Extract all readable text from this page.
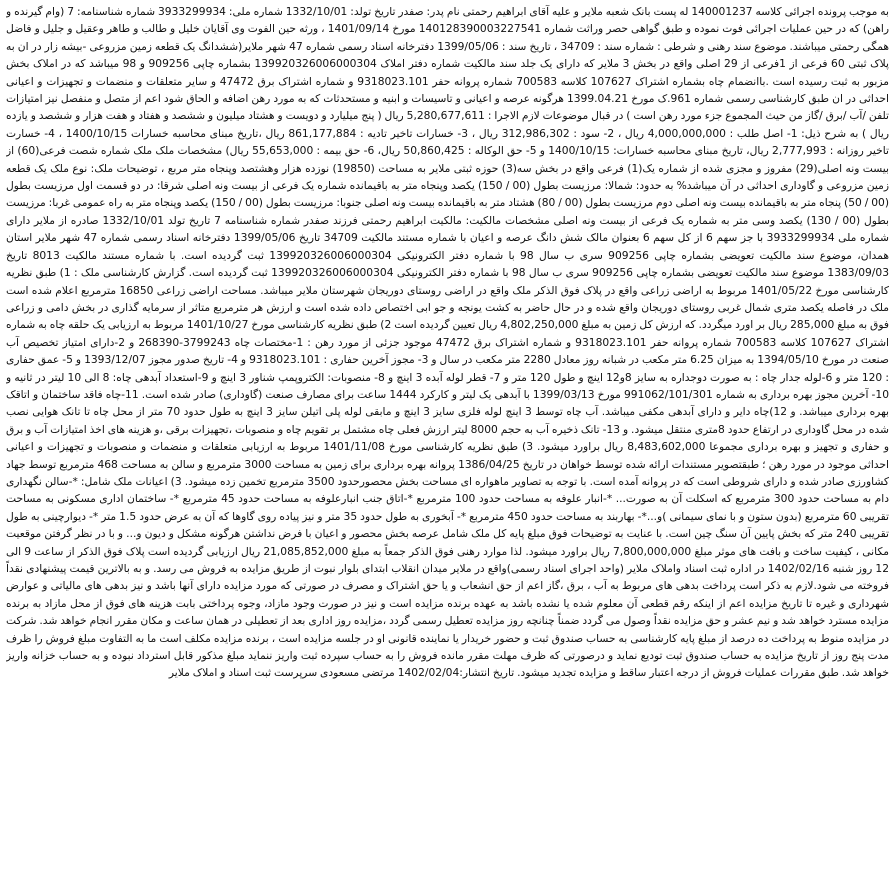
به موجب پرونده اجرائی کلاسه 140001237 له پست بانک شعبه ملایر و علیه آقای ابراهیم رحمتی نام پدر: صفدر تاریخ تولد: 1332/10/01 شماره ملی: 3933299934 شماره شناسنامه: 7 (وام گیرنده و راهن) که در حین عملیات اجرائی فوت نموده و طبق گواهی حصر وراثت شماره 140128390003227541 مورخ 1401/09/14 ، ورثه حین الفوت وی آقایان خلیل و طالب و طاهر وعقیل و جلیل و فاضل همگی رحمتی میباشند. موضوع سند رهنی و شرطی : شماره سند : 34709 ، تاریخ سند : 1399/05/06 دفترخانه اسناد رسمی شماره 47 شهر ملایر(ششدانگ یک قطعه زمین مزروعی -بیشه زار در ان به پلاک ثبتی 60 فرعی از 1فرعی از 29 اصلی واقع در بخش 3 ملایر که دارای یک جلد سند مالکیت شماره دفتر املاک 139920326006000304 بشماره چاپی 909256 و 98 میباشد که در املاک بخش مزبور به ثبت رسیده است .باانضمام چاه بشماره اشتراک 107627 کلاسه 700583 شماره پروانه حفر 9318023.101 و شماره اشتراک برق 47472 و سایر متعلقات و منضمات و تجهیزات و اعیانی احداثی در ان طبق کارشناسی رسمی شماره 961.ک مورخ 1399.04.21 هرگونه عرصه و اعیانی و تاسیسات و ابنیه و مستحدثات که به مورد رهن اضافه و الحاق شود اعم از متصل و منفصل نیز امتیازات تلفن /آب /برق /گاز من حیث المجموع جزء مورد رهن است ) در قبال موضوعات لازم الاجرا : 5,280,677,611 ریال ( پنج میلیارد و دویست و هشتاد میلیون و ششصد و هفتاد و هفت هزار و ششصد و یازده ریال ) به شرح ذیل: 1- اصل طلب : 4,000,000,000 ریال ، 2- سود : 312,986,302 ریال ، 3- خسارات تاخیر تادیه : 861,177,884 ریال ،تاریخ مبنای محاسبه خسارات 1400/10/15 ، 4- خسارت تاخیر روزانه : 2,777,993 ریال، تاریخ مبنای محاسبه خسارات: 1400/10/15 و 5- حق الوکاله : 50,860,425 ریال، 6- حق بیمه : 55,653,000 ریال) مشخصات ملک ملک شماره شصت فرعی(60) از بیست ونه اصلی(29) مفروز و مجزی شده از شماره یک(1) فرعی واقع در بخش سه(3) حوزه ثبتی ملایر به مساحت (19850) نوزده هزار وهشتصد وپنجاه متر مربع ، توضیحات ملک: نوع ملک یک قطعه زمین مزروعی و گاوداری احداثی در آن میباشد% به حدود: شمالا: مرزیست بطول (00 / 150) یکصد وپنجاه متر به باقیمانده شماره یک فرعی از بیست ونه اصلی شرقا: در دو قسمت اول مرزیست بطول (00 / 50) پنجاه متر به باقیمانده بیست ونه اصلی دوم مرزیست بطول (00 / 80) هشتاد متر به باقیمانده بیست ونه اصلی جنوبا: مرزیست بطول (00 / 150) یکصد وپنجاه متر به راه عمومی غربا: مرزیست بطول (00 / 130) یکصد وسی متر به شماره یک فرعی از بیست ونه اصلی مشخصات مالکیت: مالکیت ابراهیم رحمتی فرزند صفدر شماره شناسنامه 7 تاریخ تولد 1332/10/01 صادره از ملایر دارای شماره ملی 3933299934 با جز سهم 6 از کل سهم 6 بعنوان مالک شش دانگ عرصه و اعیان با شماره مستند مالکیت 34709 تاریخ 1399/05/06 دفترخانه اسناد رسمی شماره 47 شهر ملایر استان همدان، موضوع سند مالکیت تعویضی بشماره چاپی 909256 سری ب سال 98 با شماره دفتر الکترونیکی 139920326006000304 ثبت گردیده است. با شماره مستند مالکیت 8013 تاریخ 1383/09/03 موضوع سند مالکیت تعویضی بشماره چاپی 909256 سری ب سال 98 با شماره دفتر الکترونیکی 139920326006000304 ثبت گردیده است. گزارش کارشناسی ملک : 1) طبق نظریه کارشناسی مورخ 1401/05/22 مربوط به اراضی زراعی واقع در پلاک فوق الذکر ملک واقع در اراضی روستای دوریجان شهرستان ملایر میباشد. مساحت اراضی زراعی 16850 مترمربع اعلام شده است ملک در فاصله یکصد متری شمال غربی روستای دوریجان واقع شده و در حال حاضر به کشت یونجه و جو ابی اختصاص داده شده است و ارزش هر مترمربع متاثر از سرمایه گذاری در بخش دامی و زراعی فوق به مبلغ 285,000 ریال بر اورد میگردد. که ارزش کل زمین به مبلغ 4,802,250,000 ریال تعیین گردیده است 2) طبق نظریه کارشناسی مورخ 1401/10/27 مربوط به ارزیابی یک حلقه چاه به شماره اشتراک 107627 کلاسه 700583 شماره پروانه حفر 9318023.101 و شماره اشتراک برق 47472 موجود جزئی از مورد رهن : 1-مختصات چاه 3799243-268390 و 2-دارای امتیاز تخصیص آب صنعت در مورخ 1394/05/10 به میزان 6.25 متر مکعب در شبانه روز معادل 2280 متر مکعب در سال و 3- مجوز آخرین حفاری : 9318023.101 و 4- تاریخ صدور مجوز 1393/12/07 و 5- عمق حفاری : 120 متر و 6-لوله جدار چاه : به صورت دوجداره به سایز 8و12 اینچ و طول 120 متر و 7- قطر لوله آبده 3 اینچ و 8- منصوبات: الکتروپمپ شناور 3 اینچ و 9-استعداد آبدهی چاه: 8 الی 10 لیتر در ثانیه و 10- آخرین مجوز بهره برداری به شماره 991062/101/301 مورخ 1399/03/13 با آبدهی یک لیتر و کارکرد 1444 ساعت برای مصارف صنعت (گاوداری) صادر شده است. 11-چاه فاقد ساختمان و اتاقک بهره برداری میباشد. و 12)چاه دایر و دارای آبدهی مکفی میباشد. آب چاه توسط 3 اینچ لوله فلزی سایز 3 اینچ و مابقی لوله پلی اتیلن سایز 3 اینچ به طول حدود 70 متر از محل چاه تا تانک هوایی نصب شده در محل گاوداری در ارتفاع حدود 8متری منتقل میشود. و 13- تانک ذخیره آب به حجم 8000 لیتر ارزش فعلی چاه مشتمل بر تقویم چاه و منصوبات ،تجهیزات برقی ،و هزینه های اخذ امتیازات آب و برق و حفاری و تجهیز و بهره برداری مجموعا 8,483,602,000 ریال براورد میشود. 3) طبق نظریه کارشناسی مورخ 1401/11/08 مربوط به ارزیابی متعلقات و منضمات و منصوبات و تجهیزات و اعیانی احداثی موجود در مورد رهن ؛ طبقتصویر مستندات ارائه شده توسط خواهان در تاریخ 1386/04/25 پروانه بهره برداری برای زمین به مساحت 3000 مترمربع و سالن به مساحت 468 مترمربع توسط جهاد کشاورزی صادر شده و دارای شروطی است که در پروانه آمده است. با توجه به تصاویر ماهواره ای مساحت بخش محصورحدود 3500 مترمربع تخمین زده میشود. 3) اعیانات ملک شامل: *-سالن نگهداری دام به مساحت حدود 300 مترمربع که اسکلت آن به صورت... *-انبار علوفه به مساحت حدود 100 مترمربع *-اتاق جنب انبارعلوفه به مساحت حدود 45 مترمربع *- ساختمان اداری مسکونی به مساحت تقریبی 60 مترمربع (بدون ستون و با نمای سیمانی )و...*- بهاربند به مساحت حدود 450 مترمربع *- آبخوری به طول حدود 35 متر و نیز پیاده روی گاوها که آن به عرض حدود 1.5 متر *- دیوارچینی به طول تقریبی 240 متر که بخش پایین آن سنگ چین است. با عنایت به توضیحات فوق مبلغ پایه کل ملک شامل عرصه بخش محصور و اعیان با فرض نداشتن هرگونه مشکل و دیون و... و با در نظر گرفتن موقعیت مکانی ، کیفیت ساخت و بافت های موثر مبلغ 7,800,000,000 ریال براورد میشود. لذا موارد رهنی فوق الذکر جمعاً به مبلغ 21,085,852,000 ریال ارزیابی گردیده است پلاک فوق الذکر از ساعت 9 الی 12 روز شنبه 1402/02/16 در اداره ثبت اسناد واملاک ملایر (واحد اجرای اسناد رسمی)واقع در ملایر میدان انقلاب ابتدای بلوار نبوت از طریق مزایده به فروش می رسد. و به بالاترین قیمت پیشنهادی نقداً فروخته می شود.لازم به ذکر است پرداخت بدهی های مربوط به آب ، برق ،گاز اعم از حق انشعاب و یا حق اشتراک و مصرف در صورتی که مورد مزایده دارای آنها باشد و نیز بدهی های مالیاتی و عوارض شهرداری و غیره تا تاریخ مزایده اعم از اینکه رقم قطعی آن معلوم شده یا نشده باشد به عهده برنده مزایده است و نیز در صورت وجود مازاد، وجوه پرداختی بابت هزینه های فوق از محل مازاد به برنده مزایده مسترد خواهد شد و نیم عشر و حق مزایده نقداً وصول می گردد ضمناً چنانچه روز مزایده تعطیل رسمی گردد ،مزایده روز اداری بعد از تعطیلی در همان ساعت و مکان مقرر انجام خواهد شد. شرکت در مزایده منوط به پرداخت ده درصد از مبلغ پایه کارشناسی به حساب صندوق ثبت و حضور خریدار یا نماینده قانونی او در جلسه مزایده است ، برنده مزایده مکلف است ما به التفاوت مبلغ فروش را ظرف مدت پنج روز از تاریخ مزایده به حساب صندوق ثبت تودیع نماید و درصورتی که ظرف مهلت مقرر مانده فروش را به حساب سپرده ثبت واریز ننماید مبلغ مذکور قابل استرداد نبوده و به حساب خزانه واریز خواهد شد. طبق مقررات عملیات فروش از درجه اعتبار ساقط و مزایده تجدید میشود. تاریخ انتشار:1402/02/04 مرتضی مسعودی سرپرست ثبت اسناد و املاک ملایر
